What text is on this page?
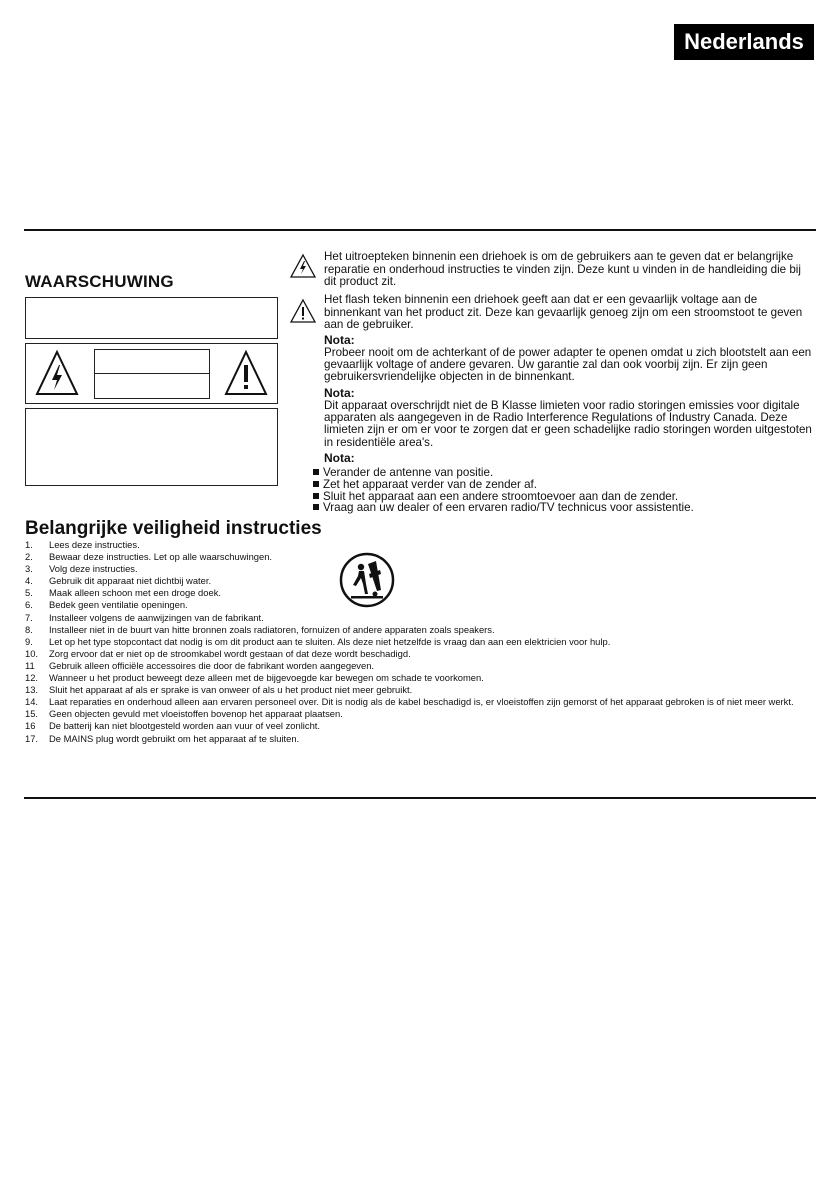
Nederlands
WAARSCHUWING
Het uitroepteken binnenin een driehoek is om de gebruikers aan te geven dat er belangrijke reparatie en onderhoud instructies te vinden zijn. Deze kunt u vinden in de handleiding die bij dit product zit.
Het flash teken binnenin een driehoek geeft aan dat er een gevaarlijk voltage aan de binnenkant van het product zit. Deze kan gevaarlijk genoeg zijn om een stroomstoot te geven aan de gebruiker.
Nota:
Probeer nooit om de achterkant of de power adapter te openen omdat u zich blootstelt aan een gevaarlijk voltage of andere gevaren. Uw garantie zal dan ook voorbij zijn. Er zijn geen gebruikersvriendelijke objecten in de binnenkant.
Nota:
Dit apparaat overschrijdt niet de B Klasse limieten voor radio storingen emissies voor digitale apparaten als aangegeven in de Radio Interference Regulations of Industry Canada. Deze limieten zijn er om er voor te zorgen dat er geen schadelijke radio storingen worden uitgestoten in residentiële area's.
Nota:
Verander de antenne van positie.
Zet het apparaat verder van de zender af.
Sluit het apparaat aan een andere stroomtoevoer aan dan de zender.
Vraag aan uw dealer of een ervaren radio/TV technicus voor assistentie.
Belangrijke veiligheid instructies
1.	Lees deze instructies.
2.	Bewaar deze instructies. Let op alle waarschuwingen.
3.	Volg deze instructies.
4.	Gebruik dit apparaat niet dichtbij water.
5.	Maak alleen schoon met een droge doek.
6.	Bedek geen ventilatie openingen.
7.	Installeer volgens de aanwijzingen van de fabrikant.
8.	Installeer niet in de buurt van hitte bronnen zoals radiatoren, fornuizen of andere apparaten zoals speakers.
9.	Let op het type stopcontact dat nodig is om dit product aan te sluiten. Als deze niet hetzelfde is vraag dan aan een elektricien voor hulp.
10.	Zorg ervoor dat er niet op de stroomkabel wordt gestaan of dat deze wordt beschadigd.
11	Gebruik alleen officiële accessoires die door de fabrikant worden aangegeven.
12.	Wanneer u het product beweegt deze alleen met de bijgevoegde kar bewegen om schade te voorkomen.
13.	Sluit het apparaat af als er sprake is van onweer of als u het product niet meer gebruikt.
14.	Laat reparaties en onderhoud alleen aan ervaren personeel over. Dit is nodig als de kabel beschadigd is, er vloeistoffen zijn gemorst of het apparaat gebroken is of niet meer werkt.
15.	Geen objecten gevuld met vloeistoffen bovenop het apparaat plaatsen.
16	De batterij kan niet blootgesteld worden aan vuur of veel zonlicht.
17.	De MAINS plug wordt gebruikt om het apparaat af te sluiten.
